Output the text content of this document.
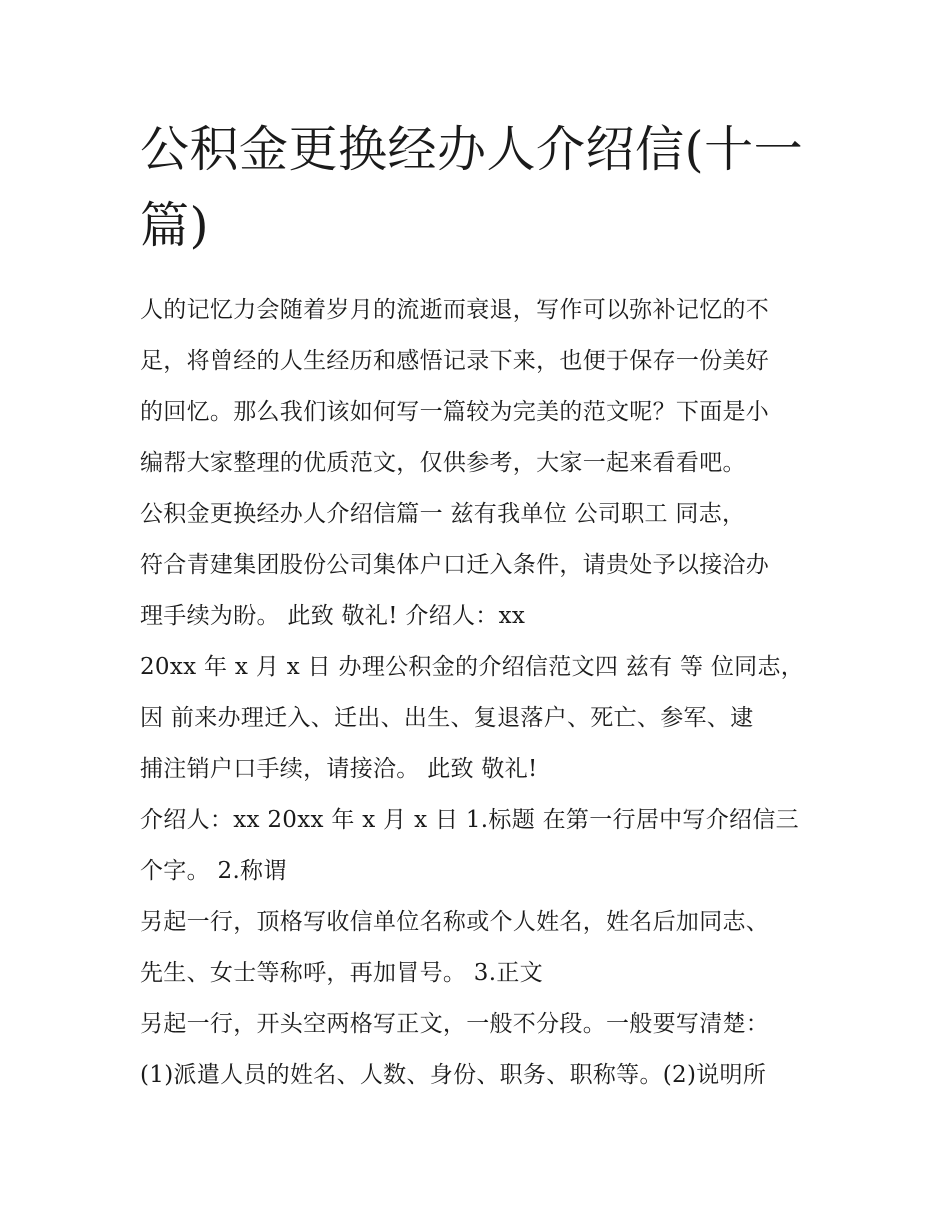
公积金更换经办人介绍信(十一
篇)

人的记忆力会随着岁月的流逝而衰退，写作可以弥补记忆的不
足，将曾经的人生经历和感悟记录下来，也便于保存一份美好
的回忆。那么我们该如何写一篇较为完美的范文呢？下面是小
编帮大家整理的优质范文，仅供参考，大家一起来看看吧。

公积金更换经办人介绍信篇一 兹有我单位 公司职工 同志，
符合青建集团股份公司集体户口迁入条件，请贵处予以接洽办
理手续为盼。 此致 敬礼! 介绍人：xx

20xx 年 x 月 x 日 办理公积金的介绍信范文四 兹有 等 位同志，
因 前来办理迁入、迁出、出生、复退落户、死亡、参军、逮
捕注销户口手续，请接洽。 此致 敬礼!

介绍人：xx 20xx 年 x 月 x 日 1.标题 在第一行居中写介绍信三
个字。 2.称谓

另起一行，顶格写收信单位名称或个人姓名，姓名后加同志、
先生、女士等称呼，再加冒号。 3.正文

另起一行，开头空两格写正文，一般不分段。一般要写清楚：
(1)派遣人员的姓名、人数、身份、职务、职称等。(2)说明所
